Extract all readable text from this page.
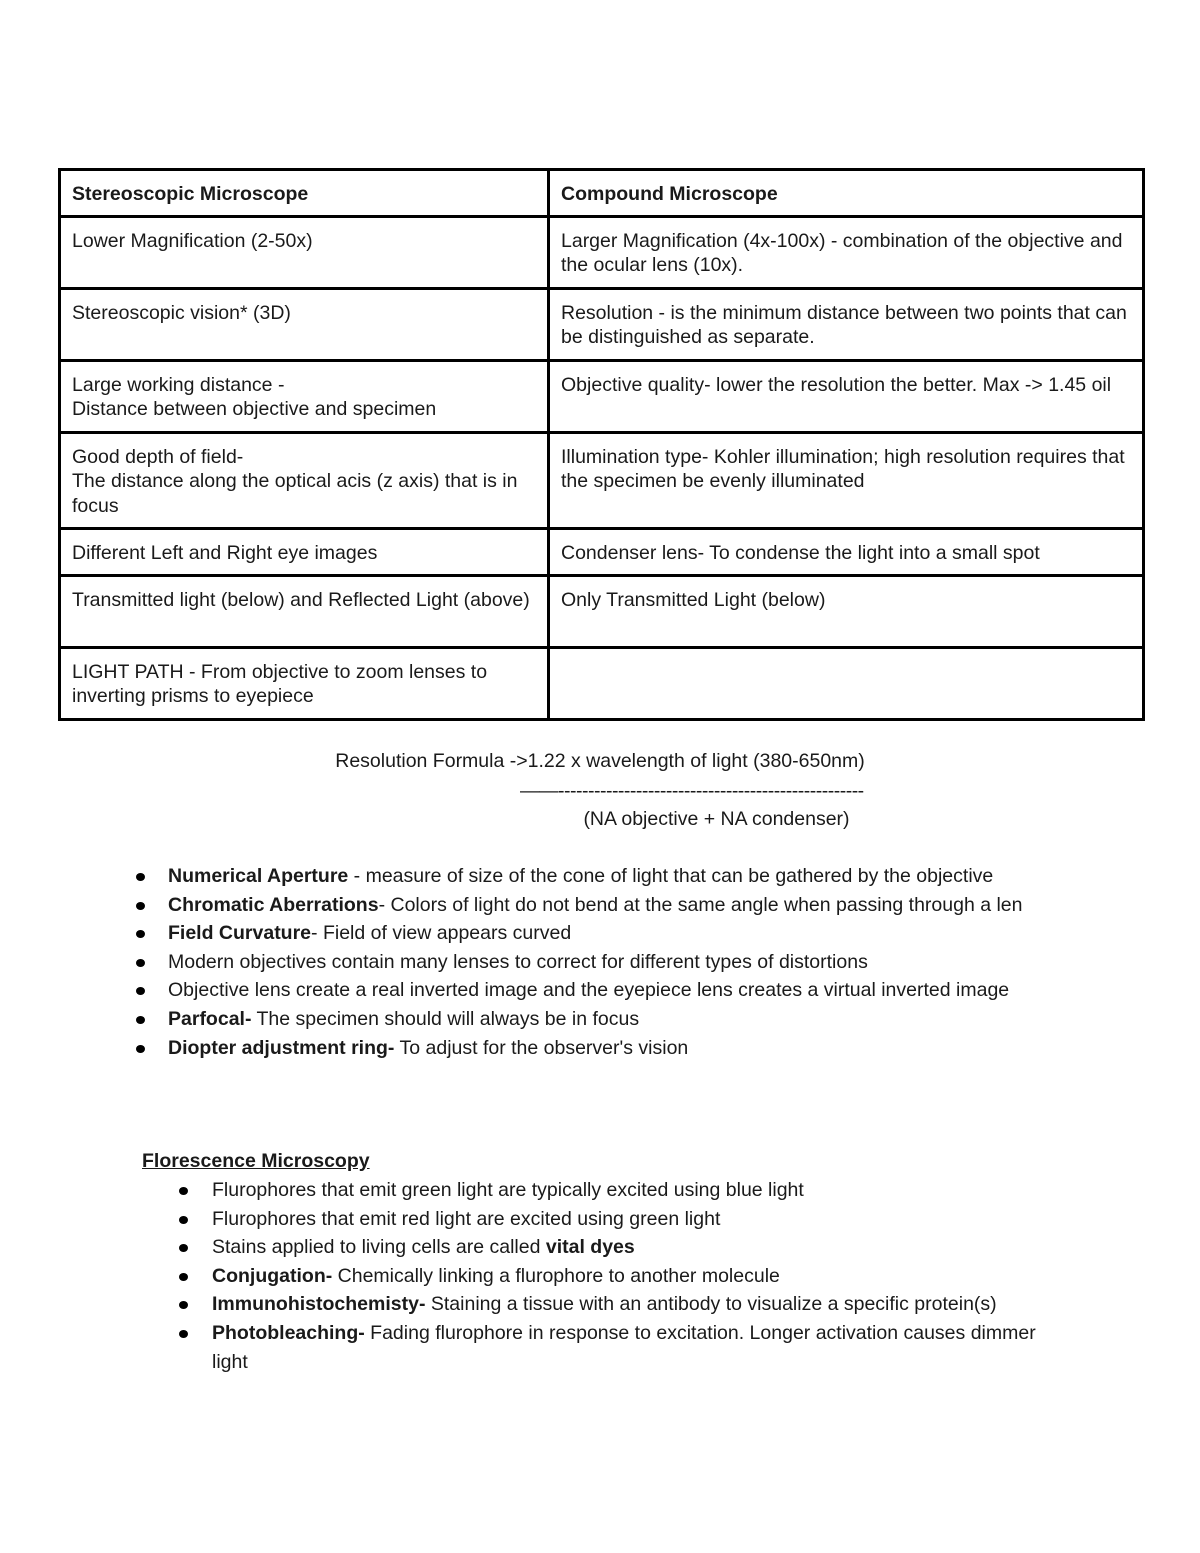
Stereoscopic Microscope	Compound Microscope
Lower Magnification (2-50x)	Larger Magnification (4x-100x) - combination of the objective and the ocular lens (10x).
Stereoscopic vision* (3D)	Resolution - is the minimum distance between two points that can be distinguished as separate.
Large working distance -
Distance between objective and specimen	Objective quality- lower the resolution the better. Max -> 1.45 oil
Good depth of field-
The distance along the optical acis (z axis) that is in focus	Illumination type- Kohler illumination; high resolution requires that the specimen be evenly illuminated
Different Left and Right eye images	Condenser lens- To condense the light into a small spot
Transmitted light (below) and Reflected Light (above)	Only Transmitted Light (below)
LIGHT PATH - From objective to zoom lenses to inverting prisms to eyepiece	
Resolution Formula ->1.22 x wavelength of light (380-650nm)
——---------------------------------------------------
(NA objective + NA condenser)
Numerical Aperture - measure of size of the cone of light that can be gathered by the objective
Chromatic Aberrations- Colors of light do not bend at the same angle when passing through a len
Field Curvature- Field of view appears curved
Modern objectives contain many lenses to correct for different types of distortions
Objective lens create a real inverted image and the eyepiece lens creates a virtual inverted image
Parfocal- The specimen should will always be in focus
Diopter adjustment ring- To adjust for the observer's vision
Florescence Microscopy
Flurophores that emit green light are typically excited using blue light
Flurophores that emit red light are excited using green light
Stains applied to living cells are called vital dyes
Conjugation- Chemically linking a flurophore to another molecule
Immunohistochemisty- Staining a tissue with an antibody to visualize a specific protein(s)
Photobleaching- Fading flurophore in response to excitation. Longer activation causes dimmer light
